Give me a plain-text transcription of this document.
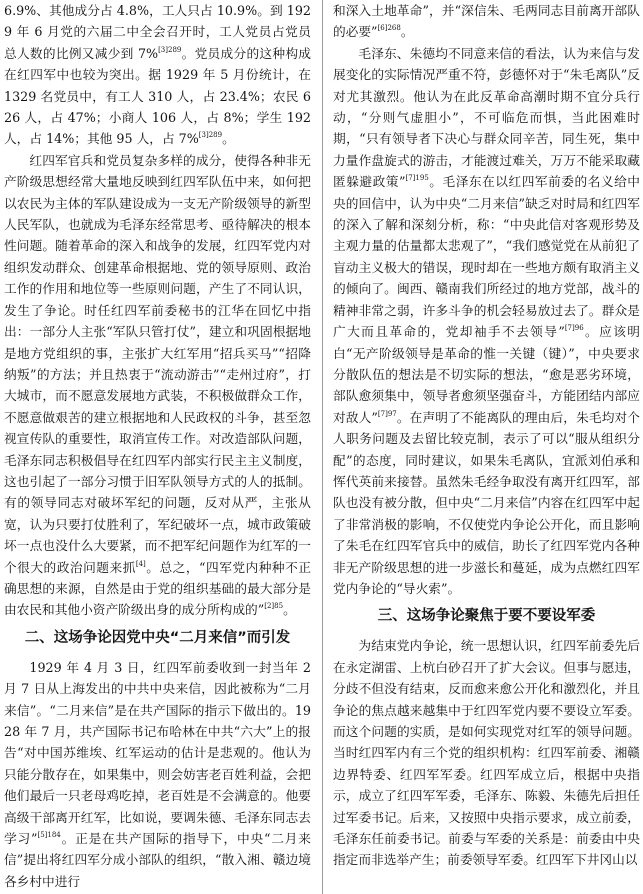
6.9%、其他成分占 4.8%，工人只占 10.9%。到 1929 年 6 月党的六届二中全会召开时，工人党员占党员总人数的比例又减少到 7%$^{[3]289}$。党员成分的这种构成在红四军中也较为突出。据 1929 年 5 月份统计，在 1329 名党员中，有工人 310 人，占 23.4%；农民 626 人，占 47%；小商人 106 人，占 8%；学生 192 人，占 14%；其他 95 人，占 7%$^{[3]289}$。

红四军官兵和党员复杂多样的成分，使得各种非无产阶级思想经常大量地反映到红四军队伍中来，如何把以农民为主体的军队建设成为一支无产阶级领导的新型人民军队，也就成为毛泽东经常思考、亟待解决的根本性问题。随着革命的深入和战争的发展，红四军党内对组织发动群众、创建革命根据地、党的领导原则、政治工作的作用和地位等一些原则问题，产生了不同认识，发生了争论。时任红四军前委秘书的江华在回忆中指出：一部分人主张“军队只管打仗”，建立和巩固根据地是地方党组织的事，主张扩大红军用“招兵买马”“招降纳叛”的方法；并且热衷于“流动游击”“走州过府”，打大城市，而不愿意发展地方武装，不积极做群众工作，不愿意做艰苦的建立根据地和人民政权的斗争，甚至忽视宣传队的重要性，取消宣传工作。对改造部队问题，毛泽东同志积极倡导在红四军内部实行民主主义制度，这也引起了一部分习惯于旧军队领导方式的人的抵制。有的领导同志对破坏军纪的问题，反对从严，主张从宽，认为只要打仗胜利了，军纪破坏一点，城市政策破坏一点也没什么大要紧，而不把军纪问题作为红军的一个很大的政治问题来抓[4]。总之，“四军党内种种不正确思想的来源，自然是由于党的组织基础的最大部分是由农民和其他小资产阶级出身的成分所构成的”$^{[2]85}$。

二、这场争论因党中央“二月来信”而引发

1929 年 4 月 3 日，红四军前委收到一封当年 2 月 7 日从上海发出的中共中央来信，因此被称为“二月来信”。“二月来信”是在共产国际的指示下做出的。1928 年 7 月，共产国际书记布哈林在中共“六大”上的报告“对中国苏维埃、红军运动的估计是悲观的。他认为只能分散存在，如果集中，则会妨害老百姓利益，会把他们最后一只老母鸡吃掉，老百姓是不会满意的。他要高级干部离开红军，比如说，要调朱德、毛泽东同志去学习”$^{[5]184}$。正是在共产国际的指导下，中央“二月来信”提出将红四军分成小部队的组织，“散入湘、赣边境各乡村中进行

和深入土地革命”，并“深信朱、毛两同志目前离开部队的必要”$^{[6]268}$。

毛泽东、朱德均不同意来信的看法，认为来信与发展变化的实际情况严重不符，彭德怀对于“朱毛离队”反对尤其激烈。他认为在此反革命高潮时期不宜分兵行动，“分则气虚胆小”，不可临危而惧，当此困难时期，“只有领导者下决心与群众同辛苦，同生死，集中力量作盘旋式的游击，才能渡过难关，万万不能采取藏匿躲避政策”$^{[7]195}$。毛泽东在以红四军前委的名义给中央的回信中，认为中央“二月来信”缺乏对时局和红四军的深入了解和深刻分析，称：“中央此信对客观形势及主观力量的估量都太悲观了”，“我们感觉党在从前犯了盲动主义极大的错误，现时却在一些地方颇有取消主义的倾向了。闽西、赣南我们所经过的地方党部，战斗的精神非常之弱，许多斗争的机会轻易放过去了。群众是广大而且革命的，党却袖手不去领导”$^{[7]96}$。应该明白“无产阶级领导是革命的惟一关键（键）”，中央要求分散队伍的想法是不切实际的想法，“愈是恶劣环境，部队愈须集中，领导者愈须坚强奋斗，方能团结内部应对敌人”$^{[7]97}$。在声明了不能离队的理由后，朱毛均对个人职务问题及去留比较克制，表示了可以“服从组织分配”的态度，同时建议，如果朱毛离队，宜派刘伯承和恽代英前来接替。虽然朱毛经争取没有离开红四军，部队也没有被分散，但中央“二月来信”内容在红四军中起了非常消极的影响，不仅使党内争论公开化，而且影响了朱毛在红四军官兵中的威信，助长了红四军党内各种非无产阶级思想的进一步滋长和蔓延，成为点燃红四军党内争论的“导火索”。

三、这场争论聚焦于要不要设军委

为结束党内争论，统一思想认识，红四军前委先后在永定湖雷、上杭白砂召开了扩大会议。但事与愿违，分歧不但没有结束，反而愈来愈公开化和激烈化，并且争论的焦点越来越集中于红四军党内要不要设立军委。而这个问题的实质，是如何实现党对红军的领导问题。当时红四军内有三个党的组织机构：红四军前委、湘赣边界特委、红四军军委。红四军成立后，根据中央指示，成立了红四军军委，毛泽东、陈毅、朱德先后担任过军委书记。后来，又按照中央指示要求，成立前委，毛泽东任前委书记。前委与军委的关系是：前委由中央指定而非选举产生；前委领导军委。红四军下井冈山以
